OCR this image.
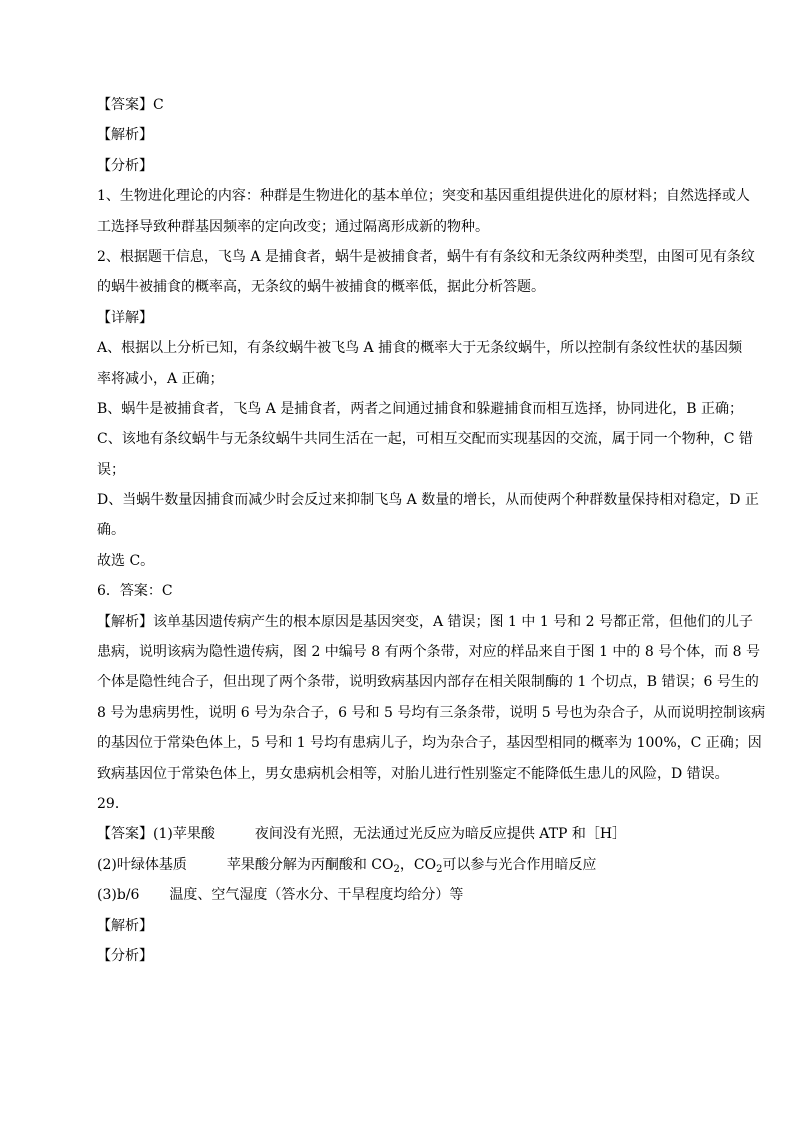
【答案】C

【解析】

【分析】

1、生物进化理论的内容：种群是生物进化的基本单位；突变和基因重组提供进化的原材料；自然选择或人

工选择导致种群基因频率的定向改变；通过隔离形成新的物种。

2、根据题干信息，飞鸟 A 是捕食者，蜗牛是被捕食者，蜗牛有有条纹和无条纹两种类型，由图可见有条纹

的蜗牛被捕食的概率高，无条纹的蜗牛被捕食的概率低，据此分析答题。

【详解】

A、根据以上分析已知，有条纹蜗牛被飞鸟 A 捕食的概率大于无条纹蜗牛，所以控制有条纹性状的基因频

率将减小，A 正确；

B、蜗牛是被捕食者，飞鸟 A 是捕食者，两者之间通过捕食和躲避捕食而相互选择，协同进化，B 正确；

C、该地有条纹蜗牛与无条纹蜗牛共同生活在一起，可相互交配而实现基因的交流，属于同一个物种，C 错

误；

D、当蜗牛数量因捕食而减少时会反过来抑制飞鸟 A 数量的增长，从而使两个种群数量保持相对稳定，D 正

确。

故选 C。

6．答案：C

【解析】该单基因遗传病产生的根本原因是基因突变，A 错误；图 1 中 1 号和 2 号都正常，但他们的儿子

患病，说明该病为隐性遗传病，图 2 中编号 8 有两个条带，对应的样品来自于图 1 中的 8 号个体，而 8 号

个体是隐性纯合子，但出现了两个条带，说明致病基因内部存在相关限制酶的 1 个切点，B 错误；6 号生的

8 号为患病男性，说明 6 号为杂合子，6 号和 5 号均有三条条带，说明 5 号也为杂合子，从而说明控制该病

的基因位于常染色体上，5 号和 1 号均有患病儿子，均为杂合子，基因型相同的概率为 100%，C 正确；因

致病基因位于常染色体上，男女患病机会相等，对胎儿进行性别鉴定不能降低生患儿的风险，D 错误。

29．

【答案】(1)苹果酸	夜间没有光照，无法通过光反应为暗反应提供 ATP 和［H］

(2)叶绿体基质	苹果酸分解为丙酮酸和 $CO_2$，$CO_2$可以参与光合作用暗反应

(3)b/6 温度、空气湿度（答水分、干旱程度均给分）等

【解析】

【分析】
